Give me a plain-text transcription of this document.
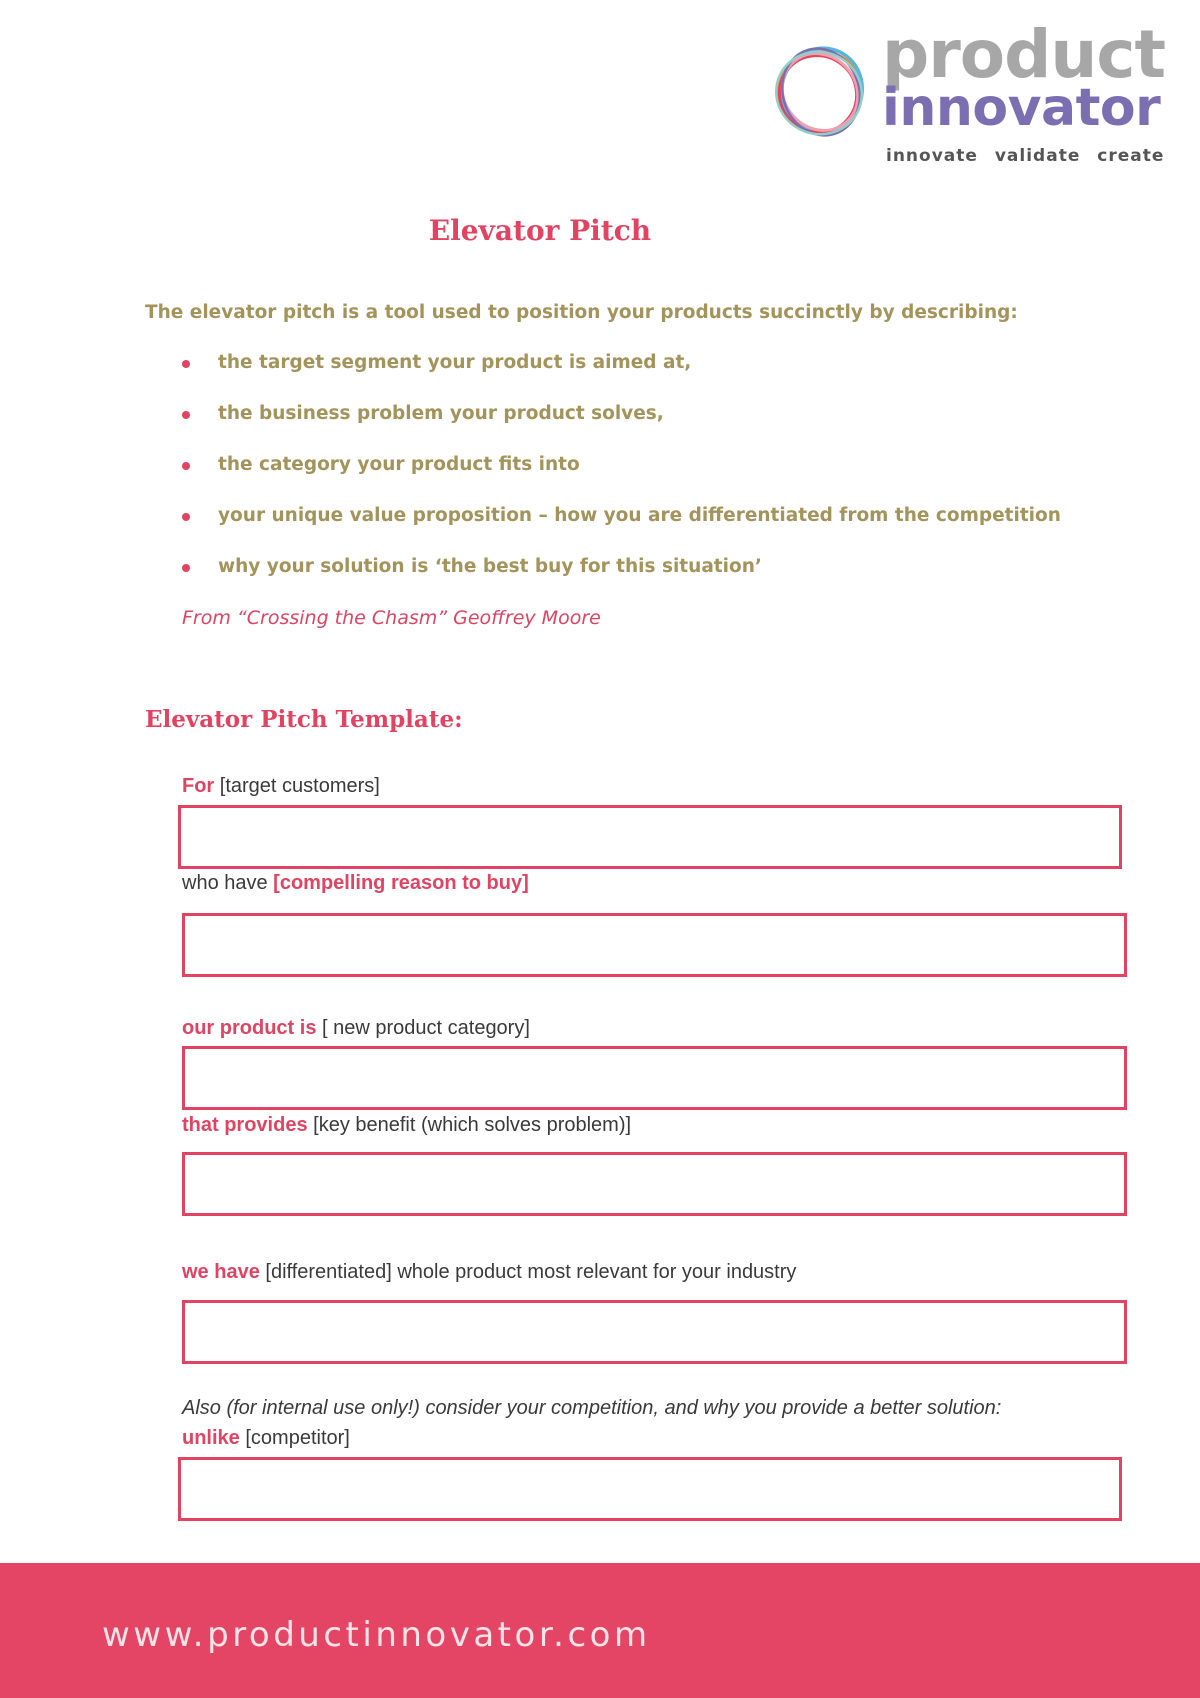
product
innovator
innovate validate create
Elevator Pitch
The elevator pitch is a tool used to position your products succinctly by describing:
the target segment your product is aimed at,
the business problem your product solves,
the category your product fits into
your unique value proposition – how you are differentiated from the competition
why your solution is ‘the best buy for this situation’
From “Crossing the Chasm” Geoffrey Moore
Elevator Pitch Template:
For [target customers]
who have [compelling reason to buy]
our product is [ new product category]
that provides [key benefit (which solves problem)]
we have [differentiated] whole product most relevant for your industry
Also (for internal use only!) consider your competition, and why you provide a better solution:
unlike [competitor]
www.productinnovator.com
